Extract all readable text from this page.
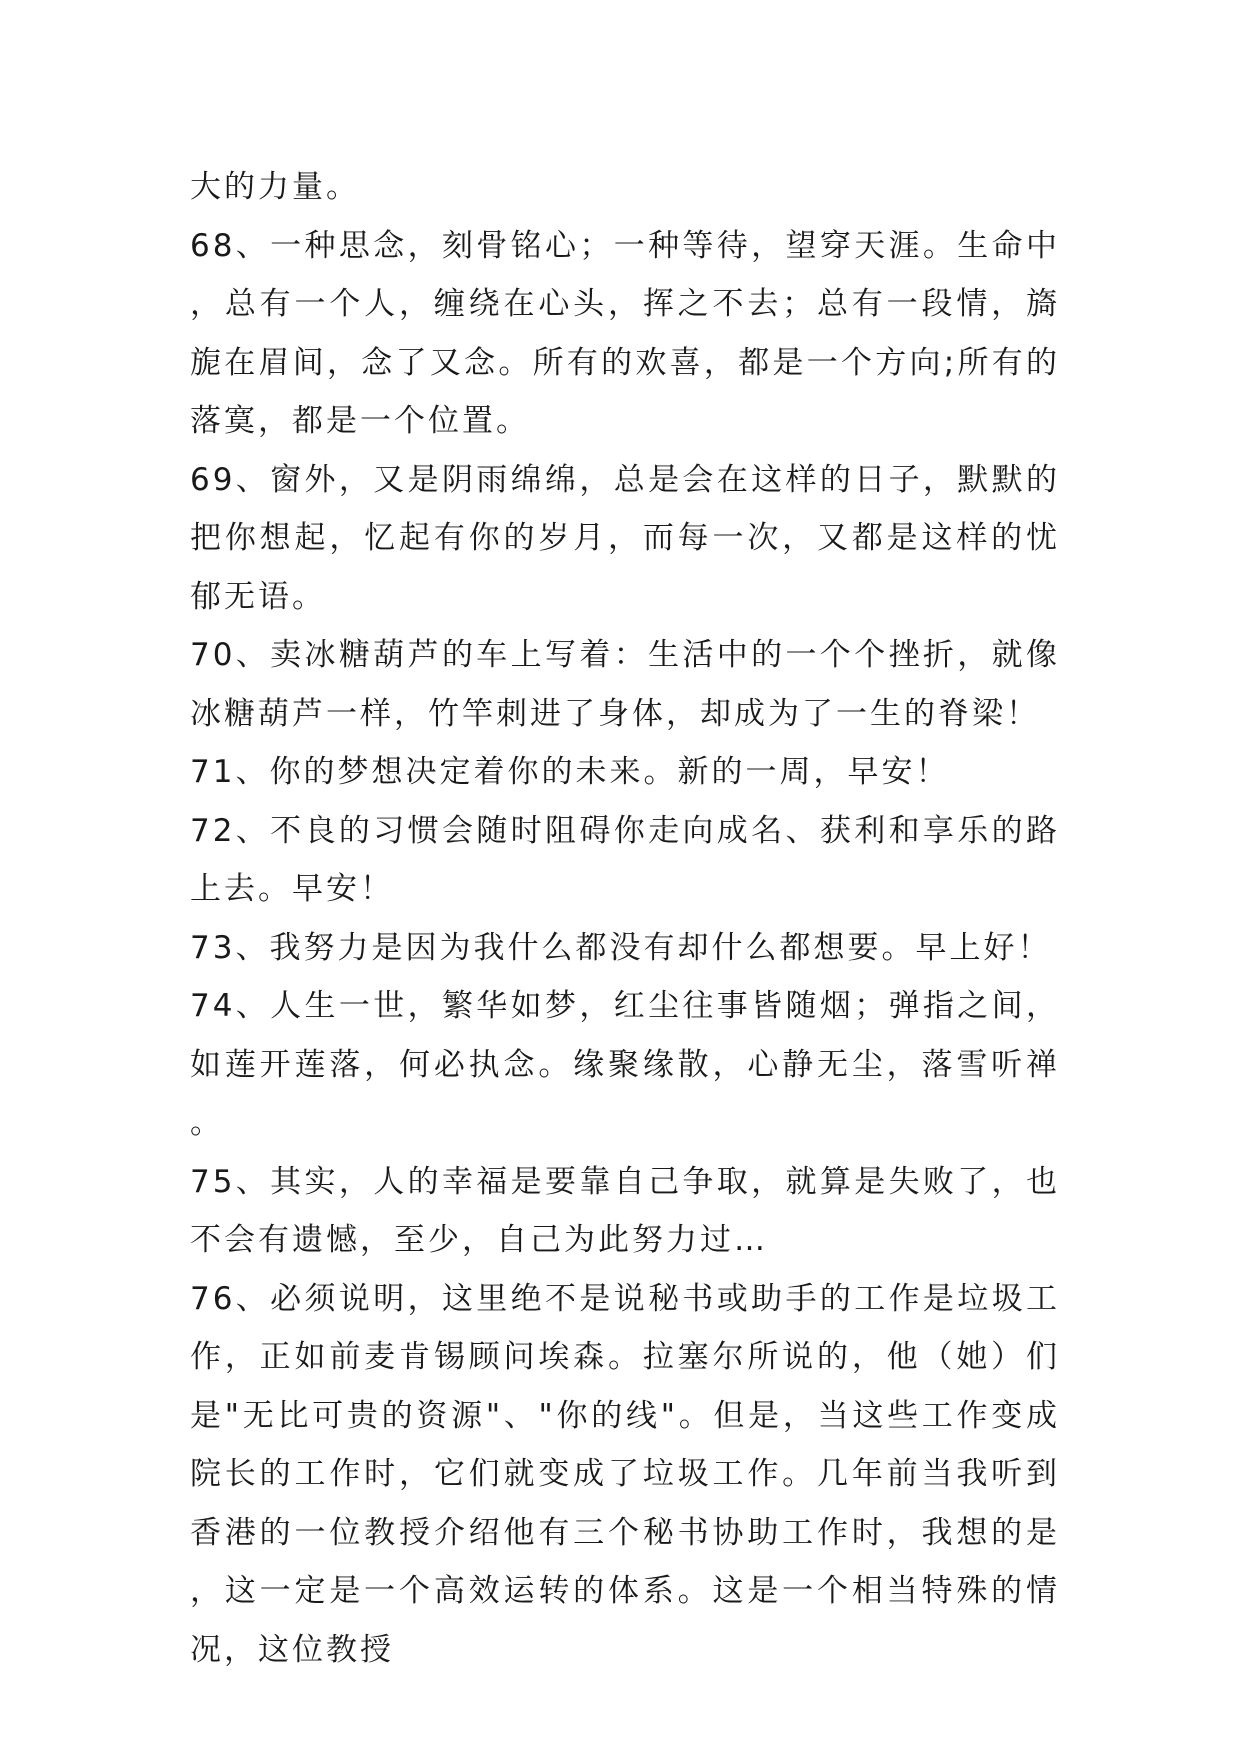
大的力量。

68、一种思念，刻骨铭心；一种等待，望穿天涯。生命中，总有一个人，缠绕在心头，挥之不去；总有一段情，旖旎在眉间，念了又念。所有的欢喜，都是一个方向;所有的落寞，都是一个位置。

69、窗外，又是阴雨绵绵，总是会在这样的日子，默默的把你想起，忆起有你的岁月，而每一次，又都是这样的忧郁无语。

70、卖冰糖葫芦的车上写着：生活中的一个个挫折，就像冰糖葫芦一样，竹竿刺进了身体，却成为了一生的脊梁！

71、你的梦想决定着你的未来。新的一周，早安！

72、不良的习惯会随时阻碍你走向成名、获利和享乐的路上去。早安！

73、我努力是因为我什么都没有却什么都想要。早上好！

74、人生一世，繁华如梦，红尘往事皆随烟；弹指之间，如莲开莲落，何必执念。缘聚缘散，心静无尘，落雪听禅。

75、其实，人的幸福是要靠自己争取，就算是失败了，也不会有遗憾，至少，自己为此努力过…

76、必须说明，这里绝不是说秘书或助手的工作是垃圾工作，正如前麦肯锡顾问埃森。拉塞尔所说的，他（她）们是"无比可贵的资源"、"你的线"。但是，当这些工作变成院长的工作时，它们就变成了垃圾工作。几年前当我听到香港的一位教授介绍他有三个秘书协助工作时，我想的是，这一定是一个高效运转的体系。这是一个相当特殊的情况，这位教授
